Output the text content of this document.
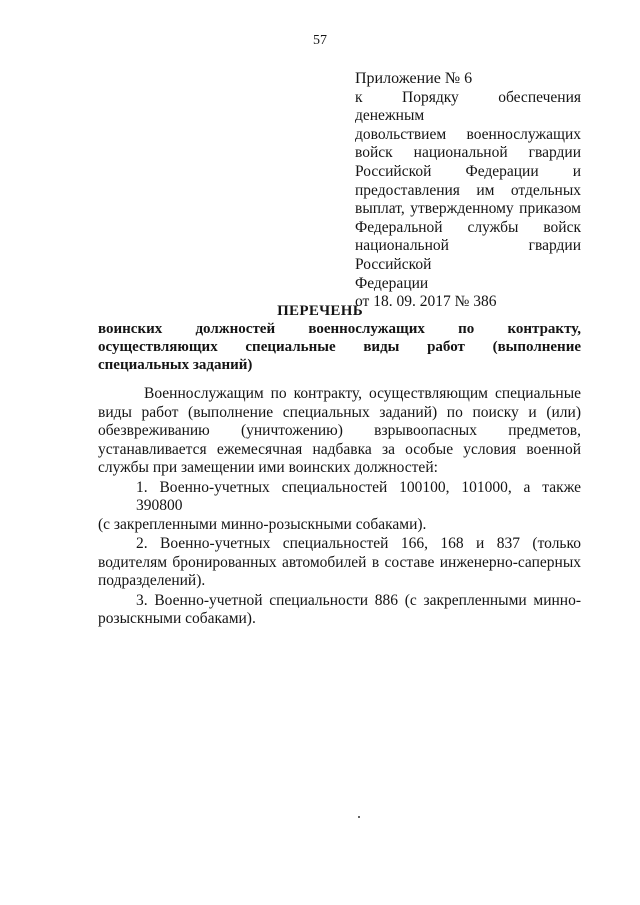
57
Приложение № 6
к Порядку обеспечения денежным
довольствием военнослужащих
войск национальной гвардии
Российской Федерации и
предоставления им отдельных
выплат, утвержденному приказом
Федеральной службы войск
национальной гвардии Российской
Федерации
от 18. 09. 2017 № 386
ПЕРЕЧЕНЬ
воинских должностей военнослужащих по контракту,
осуществляющих специальные виды работ (выполнение
специальных заданий)
Военнослужащим по контракту, осуществляющим специальные
виды работ (выполнение специальных заданий) по поиску и (или)
обезвреживанию (уничтожению) взрывоопасных предметов,
устанавливается ежемесячная надбавка за особые условия военной
службы при замещении ими воинских должностей:
1. Военно-учетных специальностей 100100, 101000, а также 390800
(с закрепленными минно-розыскными собаками).
2. Военно-учетных специальностей 166, 168 и 837 (только
водителям бронированных автомобилей в составе инженерно-саперных
подразделений).
3. Военно-учетной специальности 886 (с закрепленными минно-
розыскными собаками).
